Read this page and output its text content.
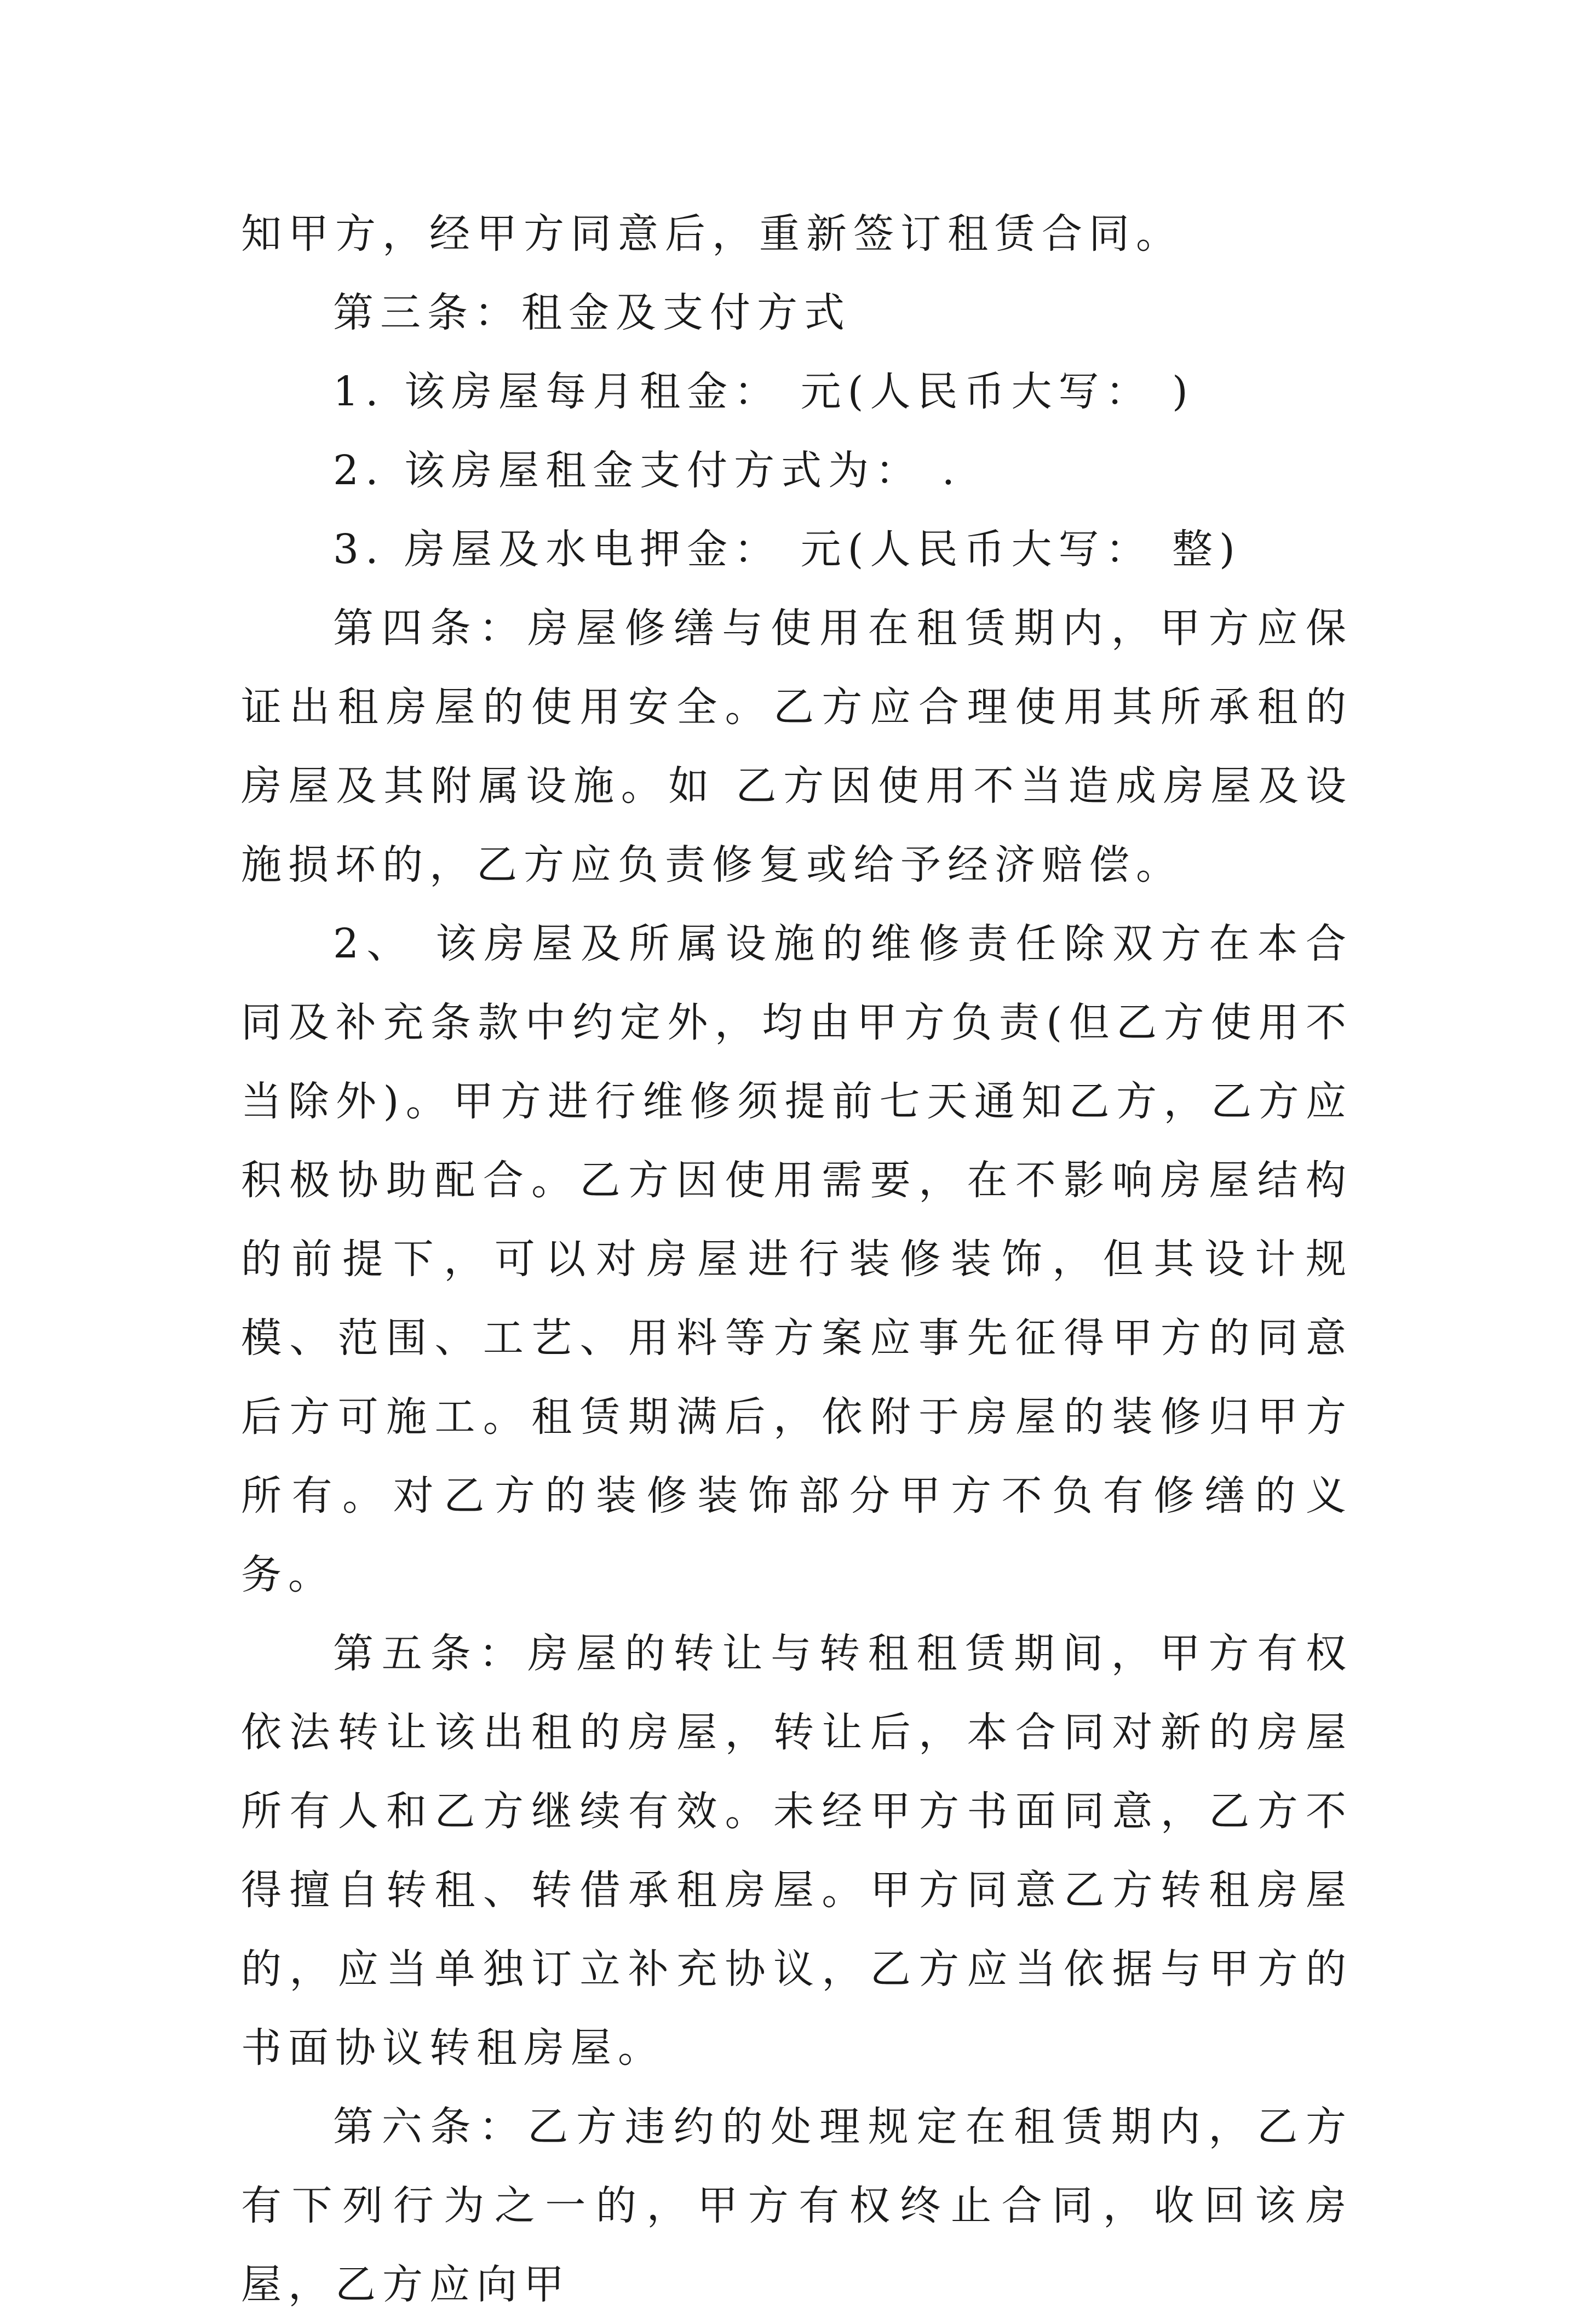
知甲方，经甲方同意后，重新签订租赁合同。

第三条：租金及支付方式

1. 该房屋每月租金： 元(人民币大写： )

2. 该房屋租金支付方式为： .

3. 房屋及水电押金： 元(人民币大写： 整)

第四条：房屋修缮与使用在租赁期内，甲方应保证出租房屋的使用安全。乙方应合理使用其所承租的房屋及其附属设施。如 乙方因使用不当造成房屋及设施损坏的，乙方应负责修复或给予经济赔偿。

2、 该房屋及所属设施的维修责任除双方在本合同及补充条款中约定外，均由甲方负责(但乙方使用不当除外)。甲方进行维修须提前七天通知乙方，乙方应积极协助配合。乙方因使用需要，在不影响房屋结构的前提下，可以对房屋进行装修装饰，但其设计规模、范围、工艺、用料等方案应事先征得甲方的同意后方可施工。租赁期满后，依附于房屋的装修归甲方所有。对乙方的装修装饰部分甲方不负有修缮的义务。

第五条：房屋的转让与转租租赁期间，甲方有权依法转让该出租的房屋，转让后，本合同对新的房屋所有人和乙方继续有效。未经甲方书面同意，乙方不得擅自转租、转借承租房屋。甲方同意乙方转租房屋的，应当单独订立补充协议，乙方应当依据与甲方的书面协议转租房屋。

第六条：乙方违约的处理规定在租赁期内，乙方有下列行为之一的，甲方有权终止合同，收回该房屋，乙方应向甲
